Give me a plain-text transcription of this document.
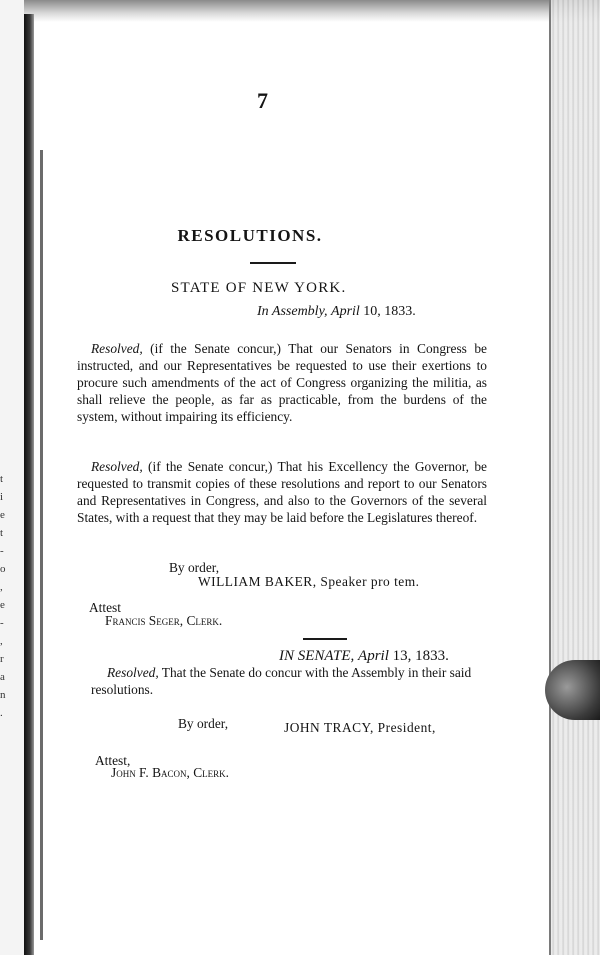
t
i
e
t
-
o
,
e
-
,
r
a
n
.
7
RESOLUTIONS.
STATE OF NEW YORK.
In Assembly, April 10, 1833.

Resolved, (if the Senate concur,) That our Senators in Congress be instructed, and our Representatives be requested to use their exertions to procure such amendments of the act of Congress organizing the militia, as shall relieve the people, as far as practicable, from the burdens of the system, without impairing its efficiency.

Resolved, (if the Senate concur,) That his Excellency the Governor, be requested to transmit copies of these resolutions and report to our Senators and Representatives in Congress, and also to the Governors of the several States, with a request that they may be laid before the Legislatures thereof.

By order,
WILLIAM BAKER, Speaker pro tem.
Attest
Francis Seger, Clerk.
IN SENATE, April 13, 1833.

Resolved, That the Senate do concur with the Assembly in their said resolutions.

By order,	JOHN TRACY, President,
Attest,
John F. Bacon, Clerk.
